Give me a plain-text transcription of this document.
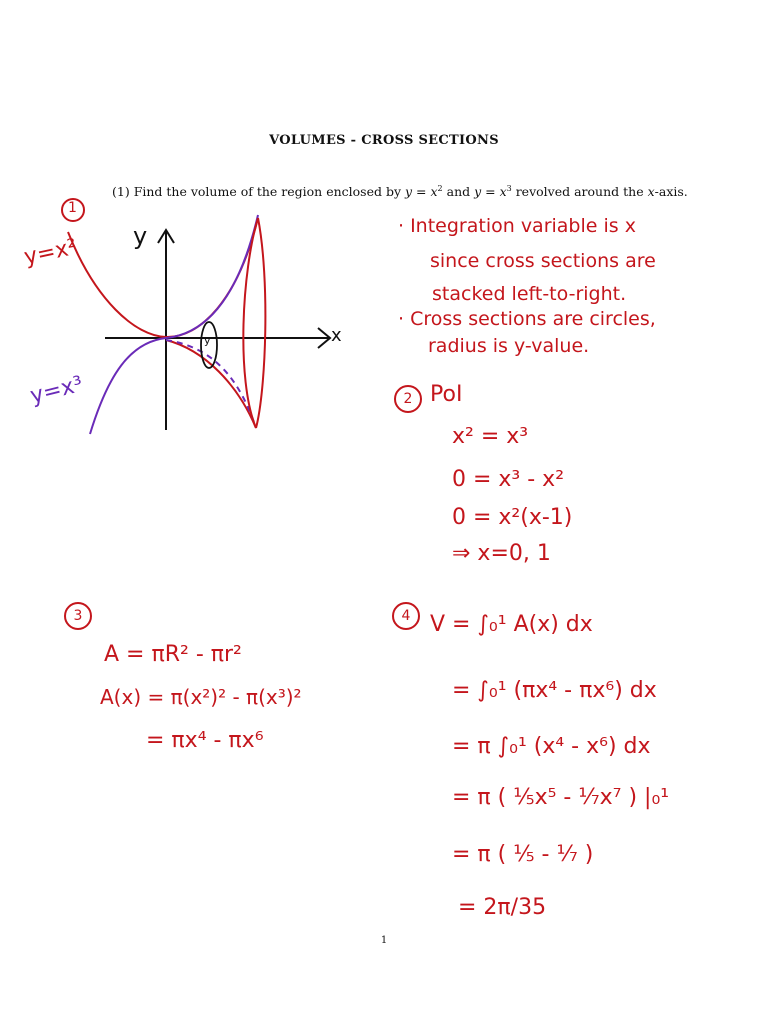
VOLUMES - CROSS SECTIONS
(1) Find the volume of the region enclosed by $y = x^2$ and $y = x^3$ revolved around the x-axis.
1
y=x²
y=x³
y
x
y
· Integration variable is x
since cross sections are
stacked left-to-right.
· Cross sections are circles,
radius is y-value.
2 PoI
x² = x³
0 = x³ - x²
0 = x²(x-1)
⇒ x=0, 1
3
A = πR² - πr²
A(x) = π(x²)² - π(x³)²
= πx⁴ - πx⁶
4 V = ∫₀¹ A(x) dx
= ∫₀¹ (πx⁴ - πx⁶) dx
= π ∫₀¹ (x⁴ - x⁶) dx
= π ( ⅕x⁵ - ⅐x⁷ ) |₀¹
= π ( ⅕ - ⅐ )
= 2π/35
1
